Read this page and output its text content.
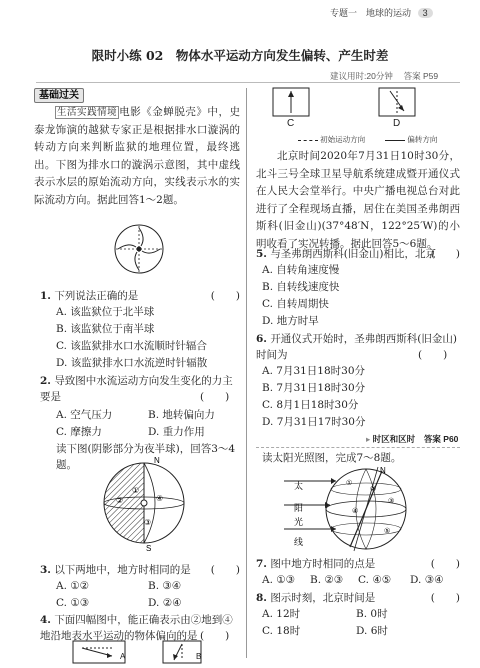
专题一 地球的运动 3
限时小练 02　物体水平运动方向发生偏转、产生时差
建议用时:20分钟 答案 P59
基础过关
生活实践情境 电影《金蝉脱壳》中，史泰龙饰演的越狱专家正是根据排水口漩涡的转动方向来判断监狱的地理位置，最终逃出。下图为排水口的漩涡示意图，其中虚线表示水层的原始流动方向，实线表示水的实际流动方向。据此回答1～2题。
1. 下列说法正确的是	(　　)
A. 该监狱位于北半球
B. 该监狱位于南半球
C. 该监狱排水口水流顺时针辐合
D. 该监狱排水口水流逆时针辐散
2. 导致图中水流运动方向发生变化的力主要是	(　　)
A. 空气压力	B. 地转偏向力
C. 摩擦力	D. 重力作用
读下图(阴影部分为夜半球)，回答3～4题。	N
S
①
②
③
④
3. 以下两地中，地方时相同的是 (　　)
A. ①②	B. ③④
C. ①③	D. ②④
4. 下面四幅图中，能正确表示由②地到④地沿地表水平运动的物体偏向的是 (　　)
C	D
初始运动方向	偏转方向
北京时间2020年7月31日10时30分，北斗三号全球卫星导航系统建成暨开通仪式在人民大会堂举行。中央广播电视总台对此进行了全程现场直播，居住在美国圣弗朗西斯科(旧金山)(37°48′N，122°25′W)的小明收看了实况转播。据此回答5～6题。
5. 与圣弗朗西斯科(旧金山)相比，北京
(　　)
A. 自转角速度慢
B. 自转线速度快
C. 自转周期快
D. 地方时早
6. 开通仪式开始时，圣弗朗西斯科(旧金山)时间为	(　　)
A. 7月31日18时30分
B. 7月31日18时30分
C. 8月1日18时30分
D. 7月31日17时30分
▸ 时区和区时 答案 P60
读太阳光照图，完成7～8题。
太
阳
光
线
N
①
②
③
④
⑤
7. 图中地方时相同的点是	(　　)
A. ①③ B. ②③ C. ④⑤ D. ③④
8. 图示时刻，北京时间是	(　　)
A. 12时	B. 0时
C. 18时	D. 6时
A	B
